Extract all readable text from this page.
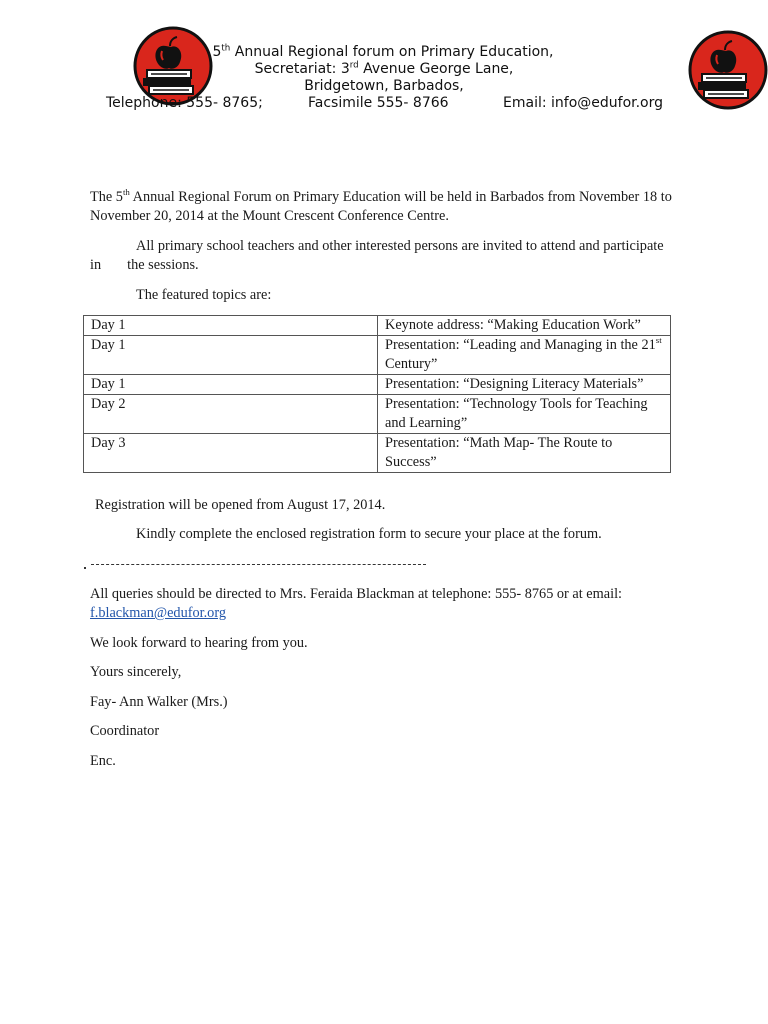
5th Annual Regional forum on Primary Education,
Secretariat: 3rd Avenue George Lane,
Bridgetown, Barbados,
Telephone: 555- 8765;	Facsimile 555- 8766	Email: info@edufor.org
The 5th Annual Regional Forum on Primary Education will be held in Barbados from November 18 to November 20, 2014 at the Mount Crescent Conference Centre.
All primary school teachers and other interested persons are invited to attend and participate in the sessions.
The featured topics are:
Day 1	Keynote address: “Making Education Work”
Day 1	Presentation: “Leading and Managing in the 21st Century”
Day 1	Presentation: “Designing Literacy Materials”
Day 2	Presentation: “Technology Tools for Teaching and Learning”
Day 3	Presentation: “Math Map- The Route to Success”
Registration will be opened from August 17, 2014.
Kindly complete the enclosed registration form to secure your place at the forum.
All queries should be directed to Mrs. Feraida Blackman at telephone: 555- 8765 or at email:
f.blackman@edufor.org
We look forward to hearing from you.
Yours sincerely,
Fay- Ann Walker (Mrs.)
Coordinator
Enc.
